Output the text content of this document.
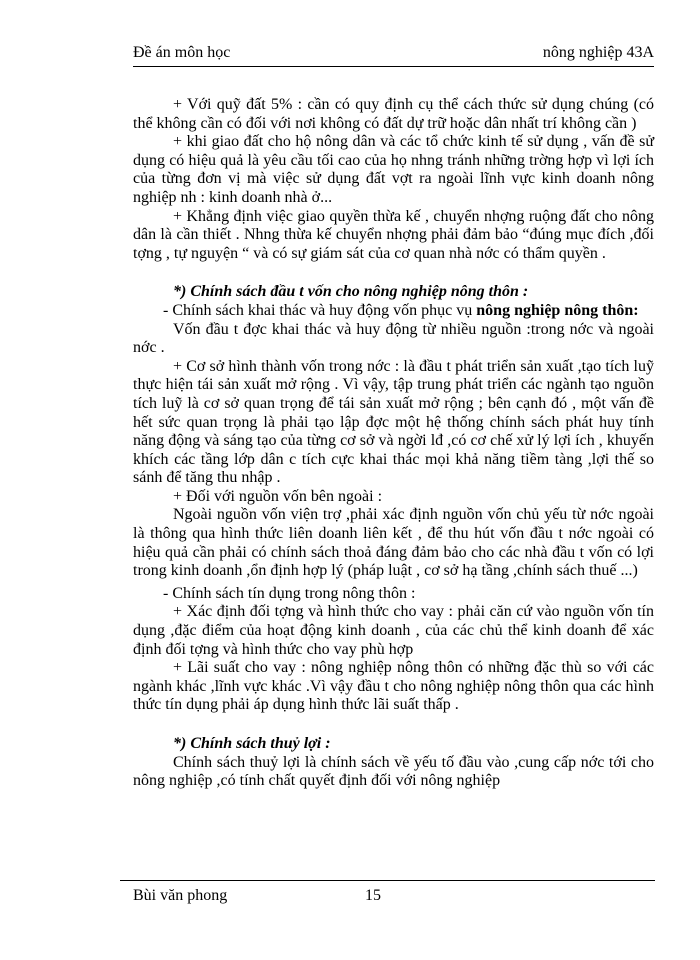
Đề án môn học	nông nghiệp 43A

+ Với quỹ đất 5% : cần có quy định cụ thể cách thức sử dụng chúng (có thể không cần có đối với nơi không có đất dự trữ hoặc dân nhất trí không cần )

+ khi giao đất cho hộ nông dân và các tổ chức kinh tế sử dụng , vấn đề sử dụng có hiệu quả là yêu cầu tối cao của họ nhng tránh những trờng hợp vì lợi ích của từng đơn vị mà việc sử dụng đất vợt ra ngoài lĩnh vực kinh doanh nông nghiệp nh : kinh doanh nhà ở...

+ Khẳng định việc giao quyền thừa kế , chuyển nhợng ruộng đất cho nông dân là cần thiết . Nhng thừa kế chuyển nhợng phải đảm bảo “đúng mục đích ,đối tợng , tự nguyện “ và có sự giám sát của cơ quan nhà nớc có thẩm quyền .

*) Chính sách đầu t vốn cho nông nghiệp nông thôn :

- Chính sách khai thác và huy động vốn phục vụ nông nghiệp nông thôn:

Vốn đầu t đợc khai thác và huy động từ nhiều nguồn :trong nớc và ngoài nớc .

+ Cơ sở hình thành vốn trong nớc : là đầu t phát triển sản xuất ,tạo tích luỹ thực hiện tái sản xuất mở rộng . Vì vậy, tập trung phát triển các ngành tạo nguồn tích luỹ là cơ sở quan trọng để tái sản xuất mở rộng ; bên cạnh đó , một vấn đề hết sức quan trọng là phải tạo lập đợc một hệ thống chính sách phát huy tính năng động và sáng tạo của từng cơ sở và ngời lđ ,có cơ chế xử lý lợi ích , khuyến khích các tầng lớp dân c tích cực khai thác mọi khả năng tiềm tàng ,lợi thế so sánh để tăng thu nhập .

+ Đối với nguồn vốn bên ngoài :

Ngoài nguồn vốn viện trợ ,phải xác định nguồn vốn chủ yếu từ nớc ngoài là thông qua hình thức liên doanh liên kết , để thu hút vốn đầu t nớc ngoài có hiệu quả cần phải có chính sách thoả đáng đảm bảo cho các nhà đầu t vốn có lợi trong kinh doanh ,ổn định hợp lý (pháp luật , cơ sở hạ tầng ,chính sách thuế ...)

- Chính sách tín dụng trong nông thôn :

+ Xác định đối tợng và hình thức cho vay : phải căn cứ vào nguồn vốn tín dụng ,đặc điểm của hoạt động kinh doanh , của các chủ thể kinh doanh để xác định đối tợng và hình thức cho vay phù hợp

+ Lãi suất cho vay : nông nghiệp nông thôn có những đặc thù so với các ngành khác ,lĩnh vực khác .Vì vậy đầu t cho nông nghiệp nông thôn qua các hình thức tín dụng phải áp dụng hình thức lãi suất thấp .

*) Chính sách thuỷ lợi :

Chính sách thuỷ lợi là chính sách về yếu tố đầu vào ,cung cấp nớc tới cho nông nghiệp ,có tính chất quyết định đối với nông nghiệp

Bùi văn phong	15
